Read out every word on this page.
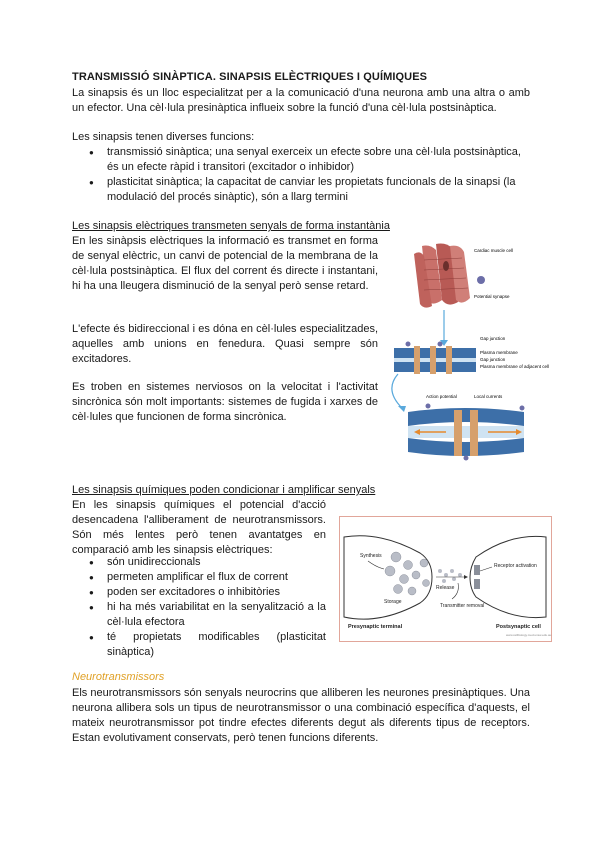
TRANSMISSIÓ SINÀPTICA. SINAPSIS ELÈCTRIQUES I QUÍMIQUES
La sinapsis és un lloc especialitzat per a la comunicació d'una neurona amb una altra o amb un efector. Una cèl·lula presinàptica influeix sobre la funció d'una cèl·lula postsinàptica.
Les sinapsis tenen diverses funcions:
● transmissió sinàptica; una senyal exerceix un efecte sobre una cèl·lula postsinàptica, és un efecte ràpid i transitori (excitador o inhibidor)
● plasticitat sinàptica; la capacitat de canviar les propietats funcionals de la sinapsi (la modulació del procés sinàptic), són a llarg termini
Les sinapsis elèctriques transmeten senyals de forma instantània
En les sinàpsis elèctriques la informació es transmet en forma de senyal elèctric, un canvi de potencial de la membrana de la cèl·lula postsinàptica. El flux del corrent és directe i instantani, hi ha una lleugera disminució de la senyal però sense retard.
L'efecte és bidireccional i es dóna en cèl·lules especialitzades, aquelles amb unions en fenedura. Quasi sempre són excitadores.
Es troben en sistemes nerviosos on la velocitat i l'activitat sincrònica són molt importants: sistemes de fugida i xarxes de cèl·lules que funcionen de forma sincrònica.
Cardiac muscle cell
Potential synapse
Gap junction
Plasma membrane
Gap junction
Plasma membrane of adjacent cell
Action potential	Local currents
Les sinapsis químiques poden condicionar i amplificar senyals
En les sinapsis químiques el potencial d'acció desencadena l'alliberament de neurotransmissors. Són més lentes però tenen avantatges en comparació amb les sinapsis elèctriques:
● són unidireccionals
● permeten amplificar el flux de corrent
● poden ser excitadores o inhibitòries
● hi ha més variabilitat en la senyalització a la cèl·lula efectora
● té propietats modificables (plasticitat sinàptica)
Synthesis
Storage
Release
Receptor activation
Transmitter removal
Presynaptic terminal	Postsynaptic cell
www.cellbiology.med.unsw.edu.au
Neurotransmissors
Els neurotransmissors són senyals neurocrins que alliberen les neurones presinàptiques. Una neurona allibera sols un tipus de neurotransmissor o una combinació específica d'aquests, el mateix neurotransmissor pot tindre efectes diferents degut als diferents tipus de receptors. Estan evolutivament conservats, però tenen funcions diferents.
